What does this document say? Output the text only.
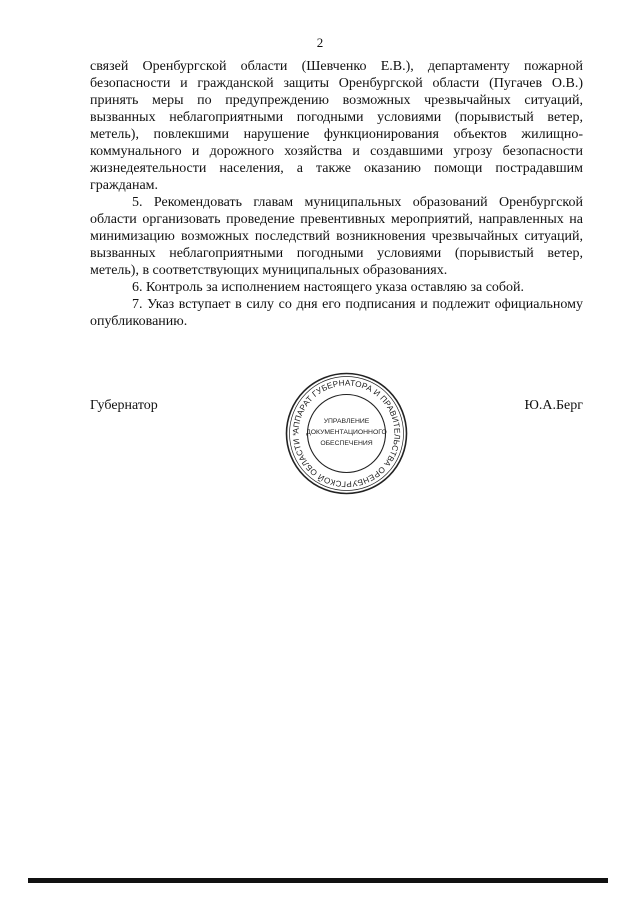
2

связей Оренбургской области (Шевченко Е.В.), департаменту пожарной безопасности и гражданской защиты Оренбургской области (Пугачев О.В.) принять меры по предупреждению возможных чрезвычайных ситуаций, вызванных неблагоприятными погодными условиями (порывистый ветер, метель), повлекшими нарушение функционирования объектов жилищно-коммунального и дорожного хозяйства и создавшими угрозу безопасности жизнедеятельности населения, а также оказанию помощи пострадавшим гражданам.

5. Рекомендовать главам муниципальных образований Оренбургской области организовать проведение превентивных мероприятий, направленных на минимизацию возможных последствий возникновения чрезвычайных ситуаций, вызванных неблагоприятными погодными условиями (порывистый ветер, метель), в соответствующих муниципальных образованиях.

6. Контроль за исполнением настоящего указа оставляю за собой.

7. Указ вступает в силу со дня его подписания и подлежит официальному опубликованию.

Губернатор	Ю.А.Берг
АППАРАТ ГУБЕРНАТОРА И ПРАВИТЕЛЬСТВА ОРЕНБУРГСКОЙ ОБЛАСТИ *
УПРАВЛЕНИЕ
ДОКУМЕНТАЦИОННОГО
ОБЕСПЕЧЕНИЯ
